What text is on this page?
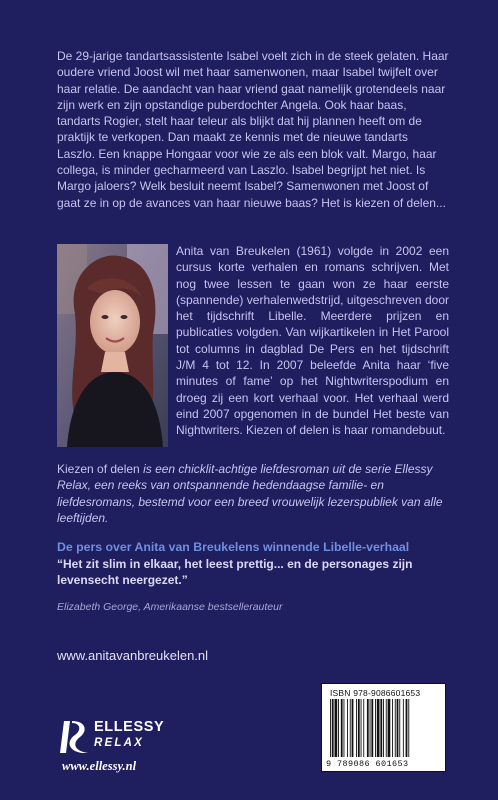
De 29-jarige tandartsassistente Isabel voelt zich in de steek gelaten. Haar oudere vriend Joost wil met haar samenwonen, maar Isabel twijfelt over haar relatie. De aandacht van haar vriend gaat namelijk grotendeels naar zijn werk en zijn opstandige puberdochter Angela. Ook haar baas, tandarts Rogier, stelt haar teleur als blijkt dat hij plannen heeft om de praktijk te verkopen. Dan maakt ze kennis met de nieuwe tandarts Laszlo. Een knappe Hongaar voor wie ze als een blok valt. Margo, haar collega, is minder gecharmeerd van Laszlo. Isabel begrijpt het niet. Is Margo jaloers? Welk besluit neemt Isabel? Samenwonen met Joost of gaat ze in op de avances van haar nieuwe baas? Het is kiezen of delen...

Anita van Breukelen (1961) volgde in 2002 een cursus korte verhalen en romans schrijven. Met nog twee lessen te gaan won ze haar eerste (spannende) verhalenwedstrijd, uitgeschreven door het tijdschrift Libelle. Meerdere prijzen en publicaties volgden. Van wijkartikelen in Het Parool tot columns in dagblad De Pers en het tijdschrift J/M 4 tot 12. In 2007 beleefde Anita haar ‘five minutes of fame’ op het Nightwriterspodium en droeg zij een kort verhaal voor. Het verhaal werd eind 2007 opgenomen in de bundel Het beste van Nightwriters. Kiezen of delen is haar romandebuut.

Kiezen of delen is een chicklit-achtige liefdesroman uit de serie Ellessy Relax, een reeks van ontspannende hedendaagse familie- en liefdesromans, bestemd voor een breed vrouwelijk lezerspubliek van alle leeftijden.

De pers over Anita van Breukelens winnende Libelle-verhaal

“Het zit slim in elkaar, het leest prettig... en de personages zijn levensecht neergezet.”

Elizabeth George, Amerikaanse bestsellerauteur

www.anitavanbreukelen.nl

ISBN 978-9086601653
9 789086 601653
ELLESSY
RELAX

www.ellessy.nl
